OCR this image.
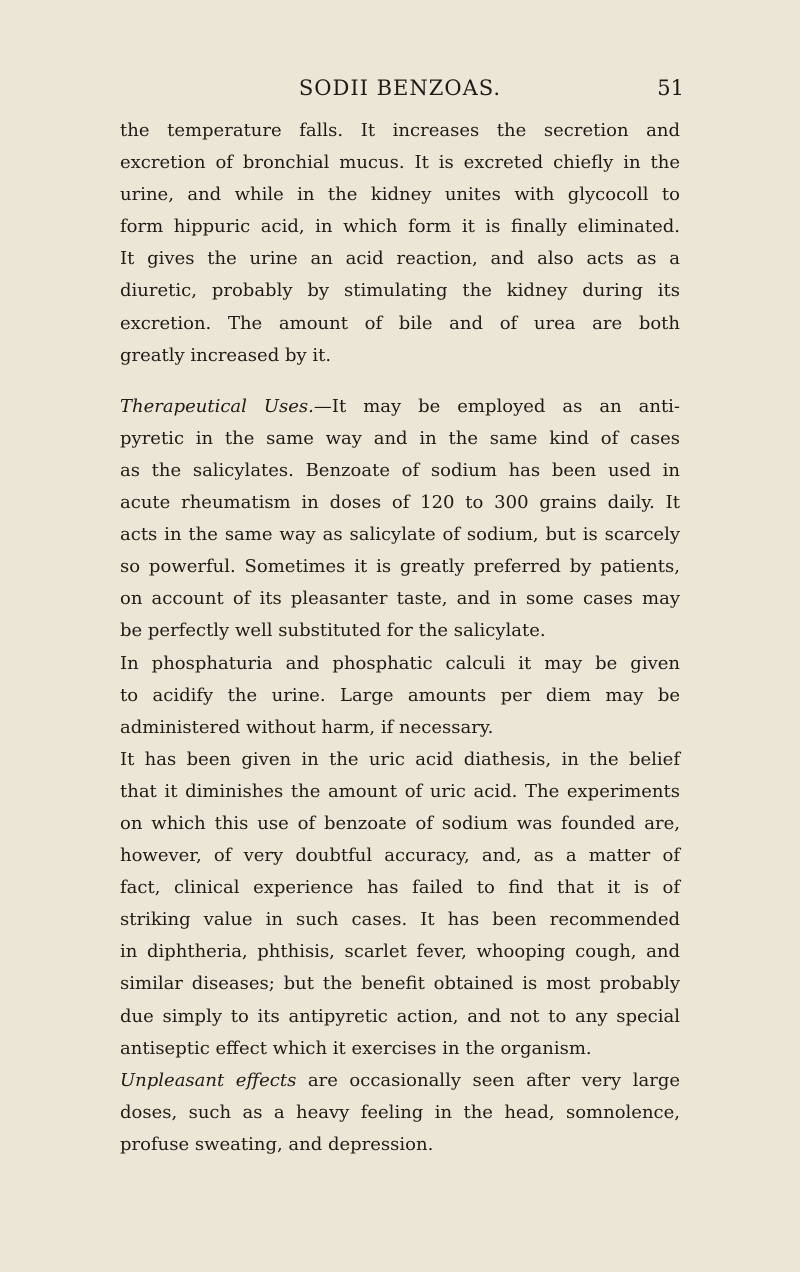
SODII BENZOAS.	51
the temperature falls. It increases the secretion and
excretion of bronchial mucus. It is excreted chiefly in the
urine, and while in the kidney unites with glycocoll to
form hippuric acid, in which form it is finally eliminated.
It gives the urine an acid reaction, and also acts as a
diuretic, probably by stimulating the kidney during its
excretion. The amount of bile and of urea are both
greatly increased by it.
Therapeutical Uses.—It may be employed as an anti-
pyretic in the same way and in the same kind of cases
as the salicylates. Benzoate of sodium has been used in
acute rheumatism in doses of 120 to 300 grains daily. It
acts in the same way as salicylate of sodium, but is scarcely
so powerful. Sometimes it is greatly preferred by patients,
on account of its pleasanter taste, and in some cases may
be perfectly well substituted for the salicylate.
In phosphaturia and phosphatic calculi it may be given
to acidify the urine. Large amounts per diem may be
administered without harm, if necessary.
It has been given in the uric acid diathesis, in the belief
that it diminishes the amount of uric acid. The experiments
on which this use of benzoate of sodium was founded are,
however, of very doubtful accuracy, and, as a matter of
fact, clinical experience has failed to find that it is of
striking value in such cases. It has been recommended
in diphtheria, phthisis, scarlet fever, whooping cough, and
similar diseases; but the benefit obtained is most probably
due simply to its antipyretic action, and not to any special
antiseptic effect which it exercises in the organism.
Unpleasant effects are occasionally seen after very large
doses, such as a heavy feeling in the head, somnolence,
profuse sweating, and depression.
